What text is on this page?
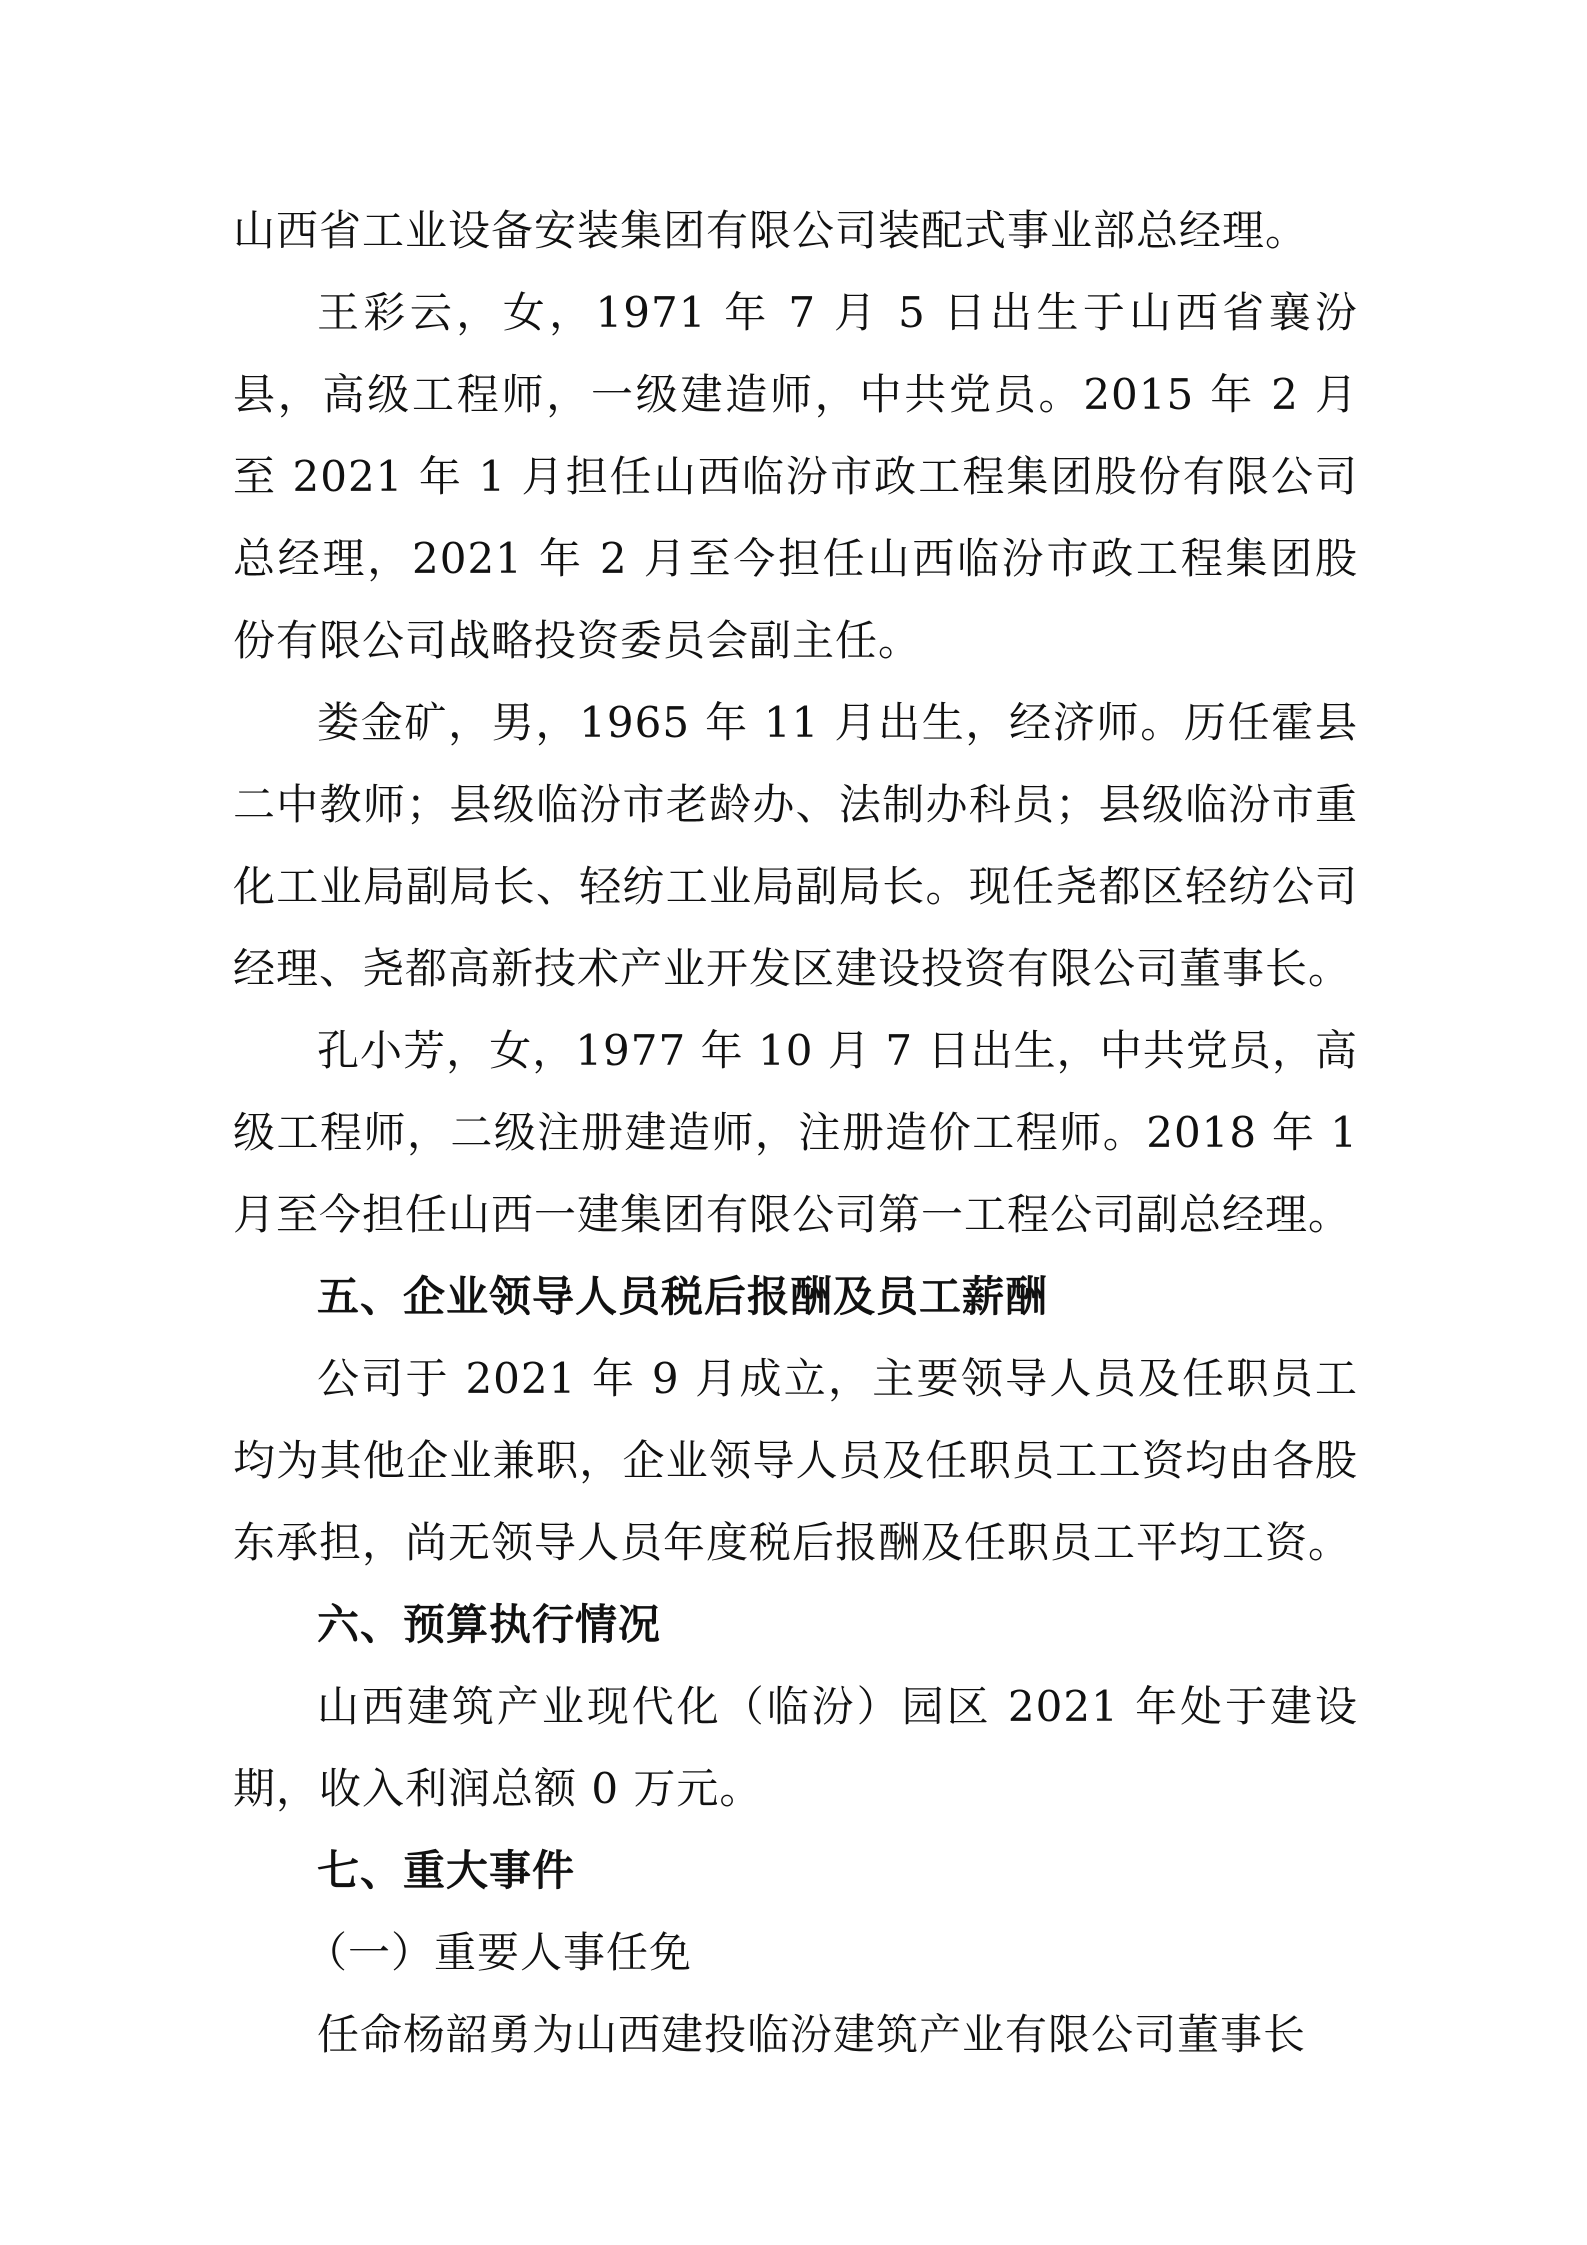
山西省工业设备安装集团有限公司装配式事业部总经理。

王彩云，女，1971 年 7 月 5 日出生于山西省襄汾县，高级工程师，一级建造师，中共党员。2015 年 2 月至 2021 年 1 月担任山西临汾市政工程集团股份有限公司总经理，2021 年 2 月至今担任山西临汾市政工程集团股份有限公司战略投资委员会副主任。

娄金矿，男，1965 年 11 月出生，经济师。历任霍县二中教师；县级临汾市老龄办、法制办科员；县级临汾市重化工业局副局长、轻纺工业局副局长。现任尧都区轻纺公司经理、尧都高新技术产业开发区建设投资有限公司董事长。

孔小芳，女，1977 年 10 月 7 日出生，中共党员，高级工程师，二级注册建造师，注册造价工程师。2018 年 1 月至今担任山西一建集团有限公司第一工程公司副总经理。

五、企业领导人员税后报酬及员工薪酬

公司于 2021 年 9 月成立，主要领导人员及任职员工均为其他企业兼职，企业领导人员及任职员工工资均由各股东承担，尚无领导人员年度税后报酬及任职员工平均工资。

六、预算执行情况

山西建筑产业现代化（临汾）园区 2021 年处于建设期，收入利润总额 0 万元。

七、重大事件

（一）重要人事任免

任命杨韶勇为山西建投临汾建筑产业有限公司董事长
